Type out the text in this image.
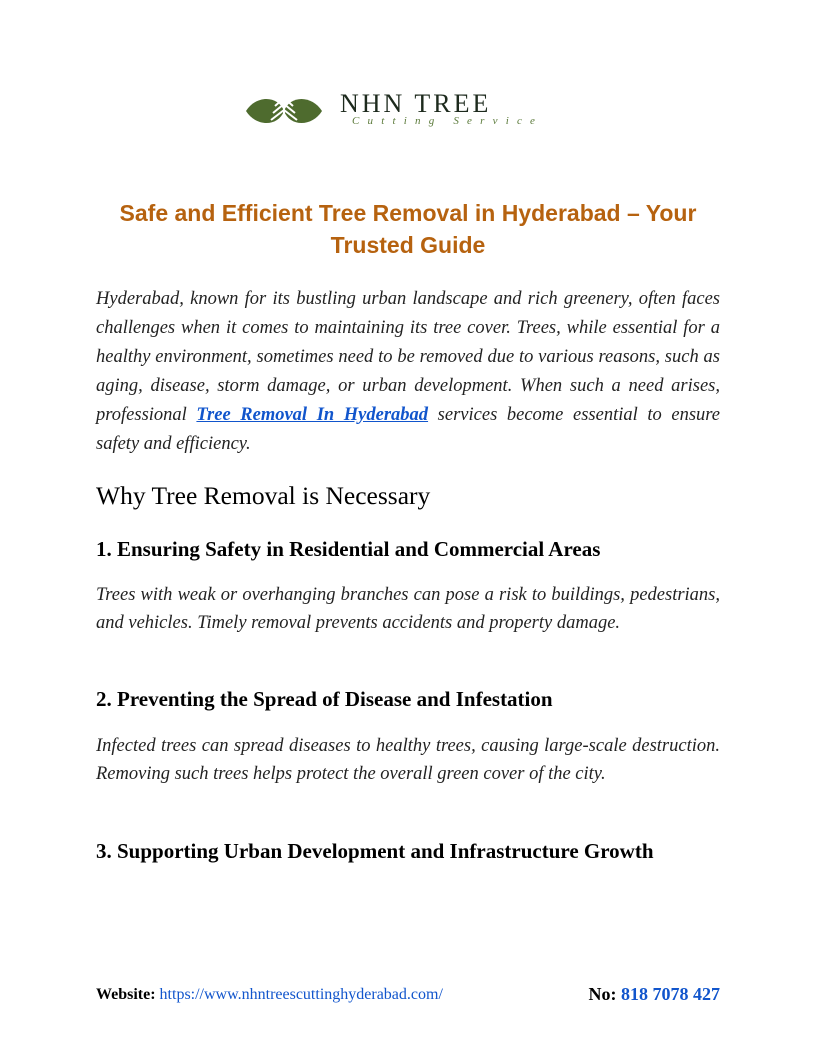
NHN TREE
Cutting Service
Safe and Efficient Tree Removal in Hyderabad – Your Trusted Guide

Hyderabad, known for its bustling urban landscape and rich greenery, often faces challenges when it comes to maintaining its tree cover. Trees, while essential for a healthy environment, sometimes need to be removed due to various reasons, such as aging, disease, storm damage, or urban development. When such a need arises, professional Tree Removal In Hyderabad services become essential to ensure safety and efficiency.

Why Tree Removal is Necessary
1. Ensuring Safety in Residential and Commercial Areas

Trees with weak or overhanging branches can pose a risk to buildings, pedestrians, and vehicles. Timely removal prevents accidents and property damage.

2. Preventing the Spread of Disease and Infestation

Infected trees can spread diseases to healthy trees, causing large-scale destruction. Removing such trees helps protect the overall green cover of the city.

3. Supporting Urban Development and Infrastructure Growth
Website: https://www.nhntreescuttinghyderabad.com/	No: 818 7078 427
